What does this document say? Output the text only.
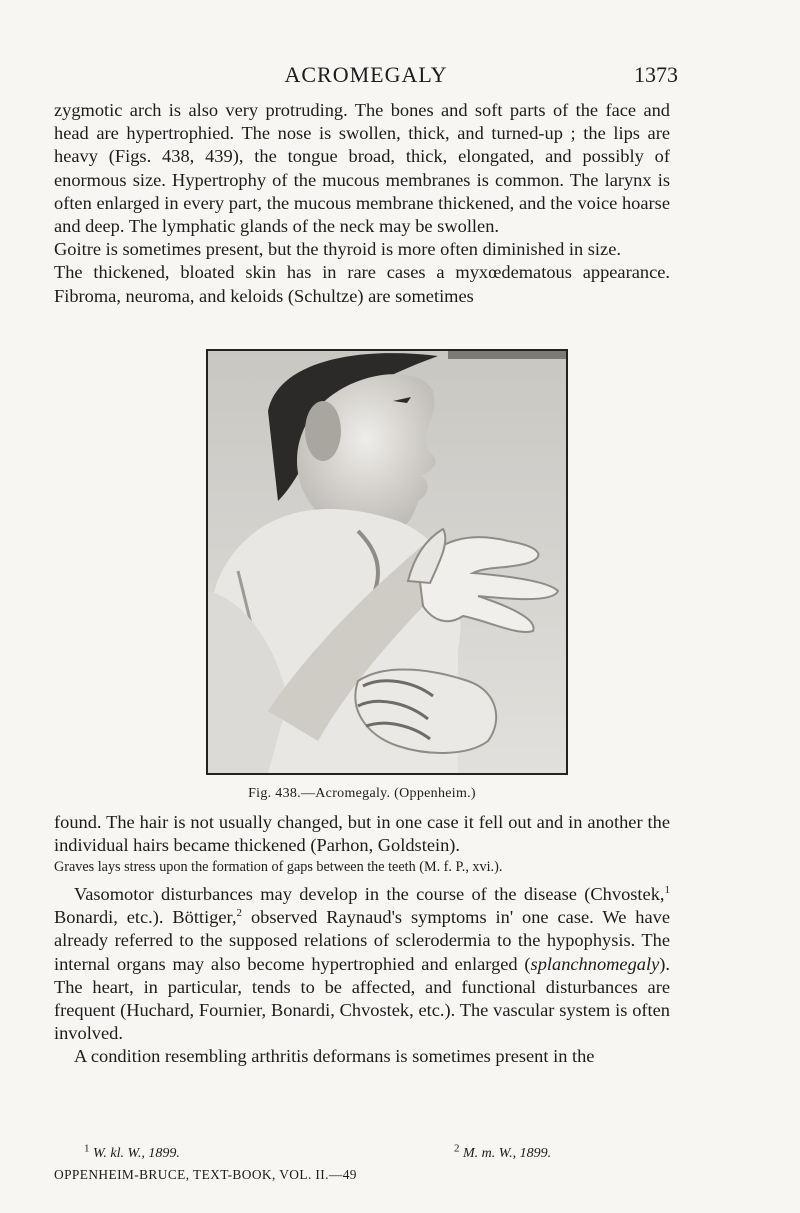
ACROMEGALY	1373

zygmotic arch is also very protruding. The bones and soft parts of the face and head are hypertrophied. The nose is swollen, thick, and turned-up ; the lips are heavy (Figs. 438, 439), the tongue broad, thick, elongated, and possibly of enormous size. Hypertrophy of the mucous membranes is common. The larynx is often enlarged in every part, the mucous membrane thickened, and the voice hoarse and deep. The lymphatic glands of the neck may be swollen.

Goitre is sometimes present, but the thyroid is more often diminished in size.

The thickened, bloated skin has in rare cases a myxœdematous appearance. Fibroma, neuroma, and keloids (Schultze) are sometimes

Fig. 438.—Acromegaly. (Oppenheim.)

found. The hair is not usually changed, but in one case it fell out and in another the individual hairs became thickened (Parhon, Goldstein).

Graves lays stress upon the formation of gaps between the teeth (M. f. P., xvi.).

Vasomotor disturbances may develop in the course of the disease (Chvostek,$^1$ Bonardi, etc.). Böttiger,$^2$ observed Raynaud's symptoms in' one case. We have already referred to the supposed relations of sclerodermia to the hypophysis. The internal organs may also become hypertrophied and enlarged (splanchnomegaly). The heart, in particular, tends to be affected, and functional disturbances are frequent (Huchard, Fournier, Bonardi, Chvostek, etc.). The vascular system is often involved.

A condition resembling arthritis deformans is sometimes present in the

$^1$ W. kl. W., 1899.	$^2$ M. m. W., 1899.
OPPENHEIM-BRUCE, TEXT-BOOK, VOL. II.—49
